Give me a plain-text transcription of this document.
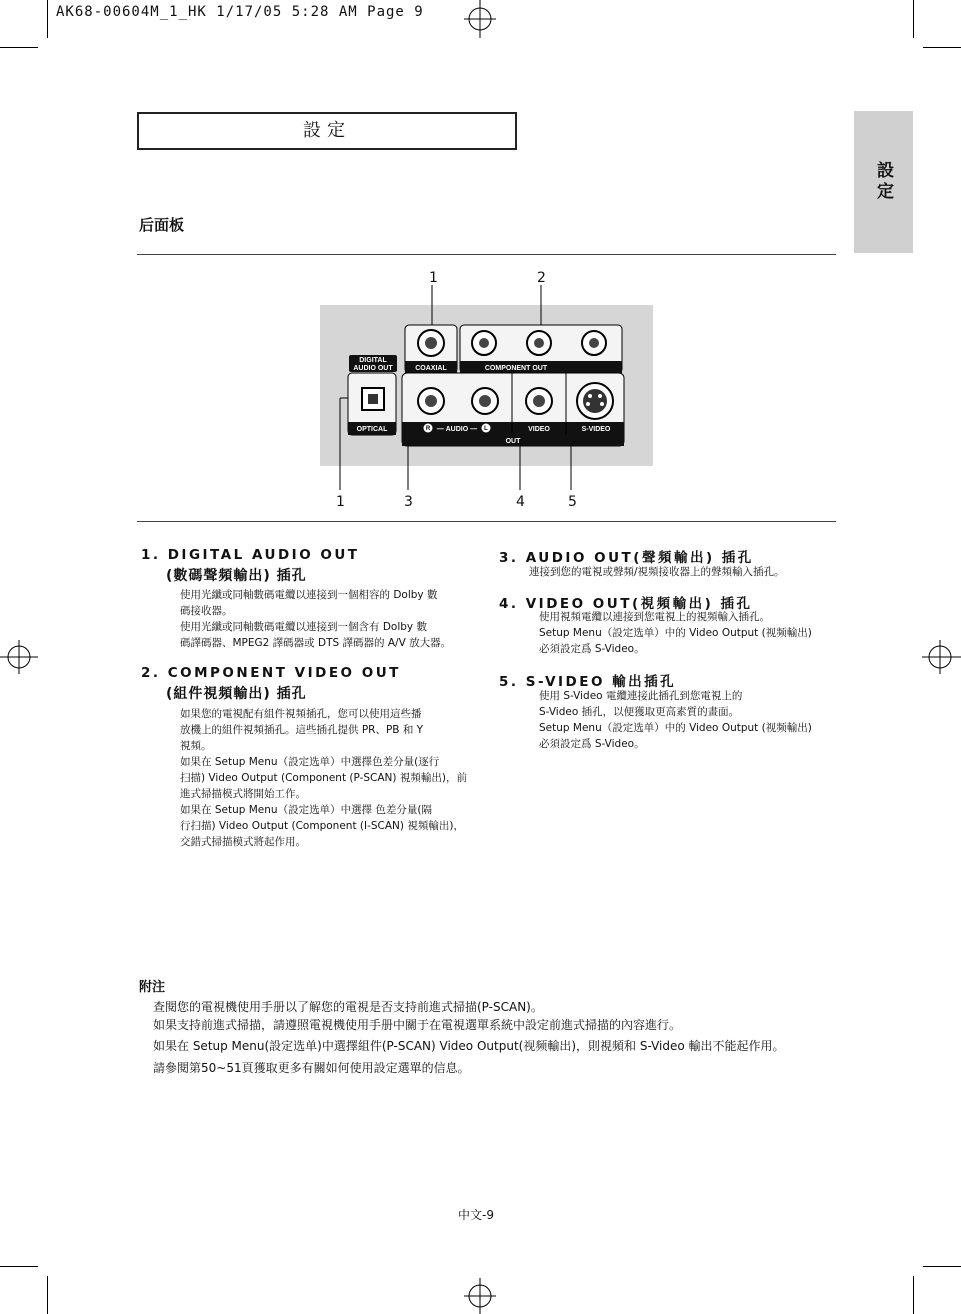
AK68-00604M_1_HK 1/17/05 5:28 AM Page 9
設定
設定
后面板
1	2
1	3	4	5
DIGITAL
AUDIO OUT	COAXIAL	COMPONENT OUT
OPTICAL	— AUDIO —	VIDEO	S-VIDEO
OUT
R	L
1. DIGITAL AUDIO OUT
(數碼聲頻輸出) 插孔
使用光纖或同軸數碼電纜以連接到一個相容的 Dolby 數
碼接收器。
使用光纖或同軸數碼電纜以連接到一個含有 Dolby 數
碼譯碼器、MPEG2 譯碼器或 DTS 譯碼器的 A/V 放大器。
2. COMPONENT VIDEO OUT
(組件視頻輸出) 插孔
如果您的電視配有組件視頻插孔，您可以使用這些播
放機上的組件視頻插孔。這些插孔提供 PR、PB 和 Y
視頻。
如果在 Setup Menu（設定选单）中選擇色差分量(逐行
扫描) Video Output (Component (P-SCAN) 視頻輸出)，前
進式掃描模式將開始工作。
如果在 Setup Menu（設定选单）中選擇 色差分量(隔
行扫描) Video Output (Component (I-SCAN) 視頻輸出)，
交錯式掃描模式將起作用。
3. AUDIO OUT(聲頻輸出) 插孔
連接到您的電視或聲頻/視頻接收器上的聲頻輸入插孔。
4. VIDEO OUT(視頻輸出) 插孔
使用視頻電纜以連接到您電視上的視頻輸入插孔。
Setup Menu（設定选单）中的 Video Output (视频輸出)
必須設定爲 S-Video。
5. S-VIDEO 輸出插孔
使用 S-Video 電纜連接此插孔到您電視上的
S-Video 插孔，以便獲取更高素質的畫面。
Setup Menu（設定选单）中的 Video Output (视频輸出)
必須設定爲 S-Video。
附注
查閱您的電視機使用手册以了解您的電視是否支持前進式掃描(P-SCAN)。
如果支持前進式掃描，請遵照電視機使用手册中關于在電視選單系統中設定前進式掃描的內容進行。
如果在 Setup Menu(設定选单)中選擇組件(P-SCAN) Video Output(视频輸出)，則視頻和 S-Video 輸出不能起作用。
請參閱第50~51頁獲取更多有關如何使用設定選單的信息。
中文-9
